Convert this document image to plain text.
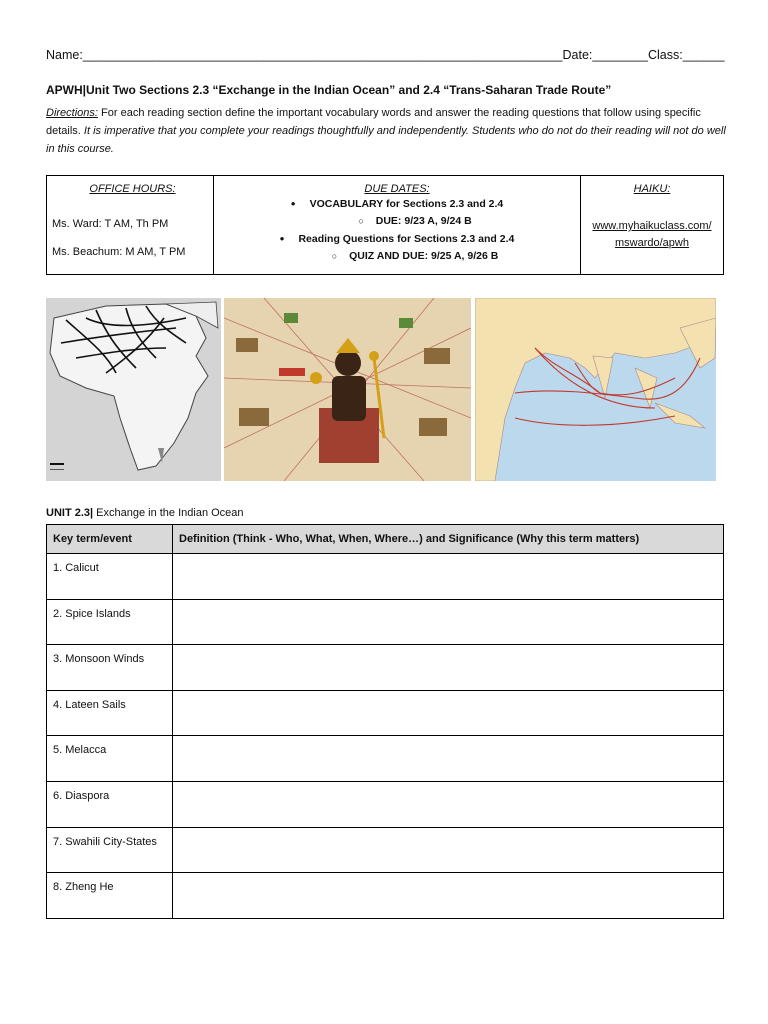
Name:_____________________________________________________________________Date:________Class:______
APWH|Unit Two Sections 2.3 “Exchange in the Indian Ocean” and 2.4 “Trans-Saharan Trade Route”
Directions: For each reading section define the important vocabulary words and answer the reading questions that follow using specific details. It is imperative that you complete your readings thoughtfully and independently. Students who do not do their reading will not do well in this course.
OFFICE HOURS:
Ms. Ward: T AM, Th PM
Ms. Beachum: M AM, T PM
DUE DATES:
● VOCABULARY for Sections 2.3 and 2.4
○ DUE: 9/23 A, 9/24 B
● Reading Questions for Sections 2.3 and 2.4
○ QUIZ AND DUE: 9/25 A, 9/26 B
HAIKU:
www.myhaikuclass.com/
mswardo/apwh
UNIT 2.3| Exchange in the Indian Ocean
Key term/event	Definition (Think - Who, What, When, Where…) and Significance (Why this term matters)
1. Calicut	
2. Spice Islands	
3. Monsoon Winds	
4. Lateen Sails	
5. Melacca	
6. Diaspora	
7. Swahili City-States	
8. Zheng He	
